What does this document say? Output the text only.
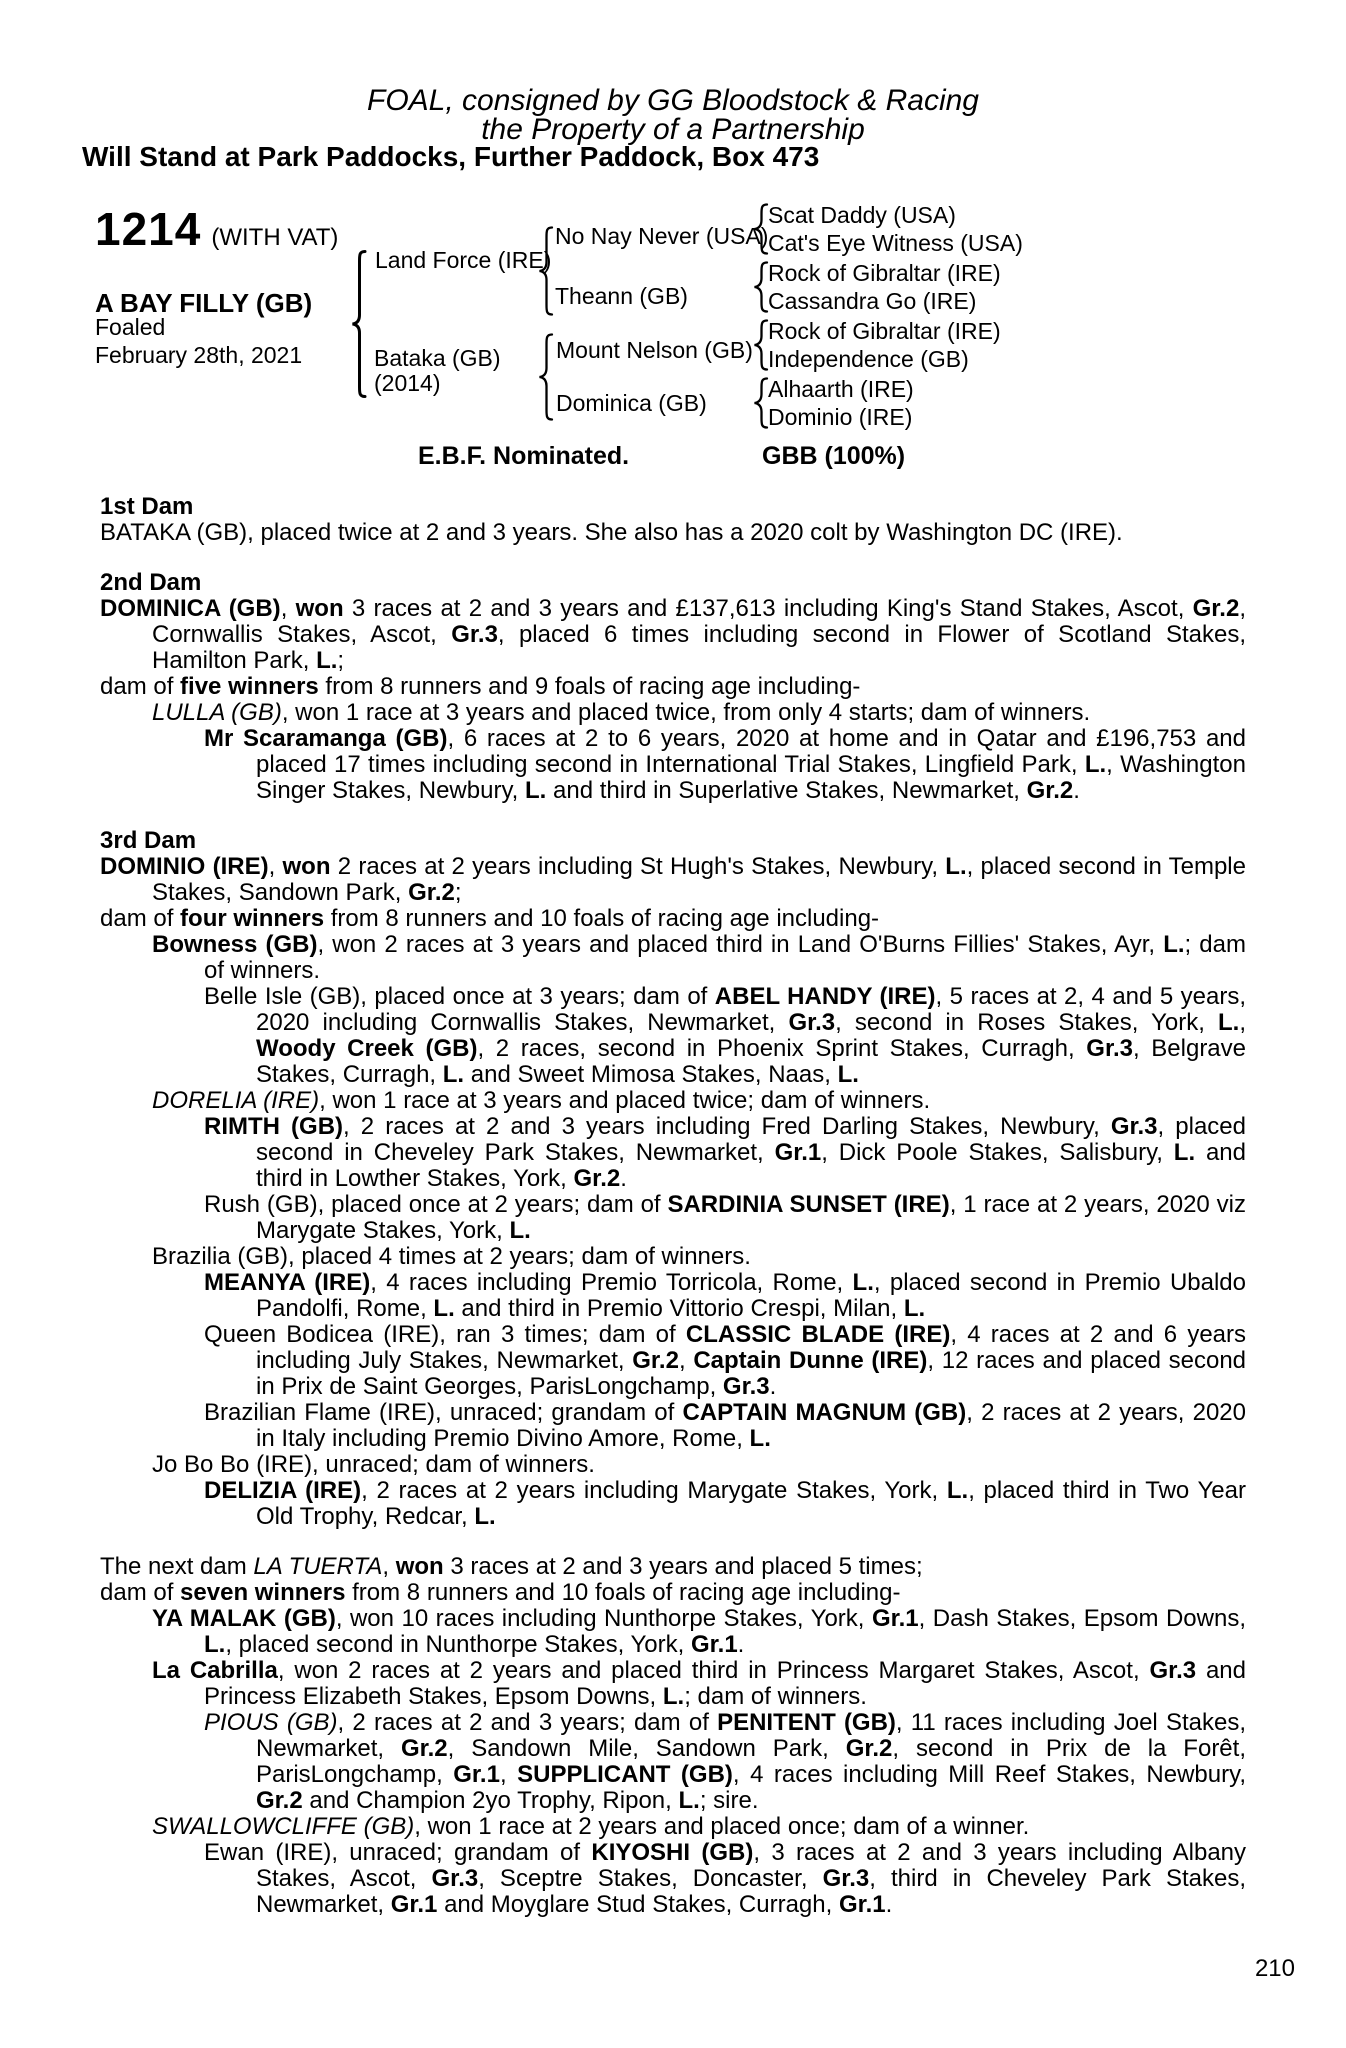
FOAL, consigned by GG Bloodstock & Racing
the Property of a Partnership
Will Stand at Park Paddocks, Further Paddock, Box 473
1214 (WITH VAT)
A BAY FILLY (GB)
Foaled
February 28th, 2021
Land Force (IRE)
Bataka (GB)
(2014)
No Nay Never (USA)
Theann (GB)
Mount Nelson (GB)
Dominica (GB)
Scat Daddy (USA)
Cat's Eye Witness (USA)
Rock of Gibraltar (IRE)
Cassandra Go (IRE)
Rock of Gibraltar (IRE)
Independence (GB)
Alhaarth (IRE)
Dominio (IRE)
E.B.F. Nominated.	GBB (100%)
1st Dam

BATAKA (GB), placed twice at 2 and 3 years. She also has a 2020 colt by Washington DC (IRE).

2nd Dam

DOMINICA (GB), won 3 races at 2 and 3 years and £137,613 including King's Stand Stakes, Ascot, Gr.2, Cornwallis Stakes, Ascot, Gr.3, placed 6 times including second in Flower of Scotland Stakes, Hamilton Park, L.;

dam of five winners from 8 runners and 9 foals of racing age including-

LULLA (GB), won 1 race at 3 years and placed twice, from only 4 starts; dam of winners.

Mr Scaramanga (GB), 6 races at 2 to 6 years, 2020 at home and in Qatar and £196,753 and placed 17 times including second in International Trial Stakes, Lingfield Park, L., Washington Singer Stakes, Newbury, L. and third in Superlative Stakes, Newmarket, Gr.2.

3rd Dam

DOMINIO (IRE), won 2 races at 2 years including St Hugh's Stakes, Newbury, L., placed second in Temple Stakes, Sandown Park, Gr.2;

dam of four winners from 8 runners and 10 foals of racing age including-

Bowness (GB), won 2 races at 3 years and placed third in Land O'Burns Fillies' Stakes, Ayr, L.; dam of winners.

Belle Isle (GB), placed once at 3 years; dam of ABEL HANDY (IRE), 5 races at 2, 4 and 5 years, 2020 including Cornwallis Stakes, Newmarket, Gr.3, second in Roses Stakes, York, L., Woody Creek (GB), 2 races, second in Phoenix Sprint Stakes, Curragh, Gr.3, Belgrave Stakes, Curragh, L. and Sweet Mimosa Stakes, Naas, L.

DORELIA (IRE), won 1 race at 3 years and placed twice; dam of winners.

RIMTH (GB), 2 races at 2 and 3 years including Fred Darling Stakes, Newbury, Gr.3, placed second in Cheveley Park Stakes, Newmarket, Gr.1, Dick Poole Stakes, Salisbury, L. and third in Lowther Stakes, York, Gr.2.

Rush (GB), placed once at 2 years; dam of SARDINIA SUNSET (IRE), 1 race at 2 years, 2020 viz Marygate Stakes, York, L.

Brazilia (GB), placed 4 times at 2 years; dam of winners.

MEANYA (IRE), 4 races including Premio Torricola, Rome, L., placed second in Premio Ubaldo Pandolfi, Rome, L. and third in Premio Vittorio Crespi, Milan, L.

Queen Bodicea (IRE), ran 3 times; dam of CLASSIC BLADE (IRE), 4 races at 2 and 6 years including July Stakes, Newmarket, Gr.2, Captain Dunne (IRE), 12 races and placed second in Prix de Saint Georges, ParisLongchamp, Gr.3.

Brazilian Flame (IRE), unraced; grandam of CAPTAIN MAGNUM (GB), 2 races at 2 years, 2020 in Italy including Premio Divino Amore, Rome, L.

Jo Bo Bo (IRE), unraced; dam of winners.

DELIZIA (IRE), 2 races at 2 years including Marygate Stakes, York, L., placed third in Two Year Old Trophy, Redcar, L.

The next dam LA TUERTA, won 3 races at 2 and 3 years and placed 5 times;

dam of seven winners from 8 runners and 10 foals of racing age including-

YA MALAK (GB), won 10 races including Nunthorpe Stakes, York, Gr.1, Dash Stakes, Epsom Downs, L., placed second in Nunthorpe Stakes, York, Gr.1.

La Cabrilla, won 2 races at 2 years and placed third in Princess Margaret Stakes, Ascot, Gr.3 and Princess Elizabeth Stakes, Epsom Downs, L.; dam of winners.

PIOUS (GB), 2 races at 2 and 3 years; dam of PENITENT (GB), 11 races including Joel Stakes, Newmarket, Gr.2, Sandown Mile, Sandown Park, Gr.2, second in Prix de la Forêt, ParisLongchamp, Gr.1, SUPPLICANT (GB), 4 races including Mill Reef Stakes, Newbury, Gr.2 and Champion 2yo Trophy, Ripon, L.; sire.

SWALLOWCLIFFE (GB), won 1 race at 2 years and placed once; dam of a winner.

Ewan (IRE), unraced; grandam of KIYOSHI (GB), 3 races at 2 and 3 years including Albany Stakes, Ascot, Gr.3, Sceptre Stakes, Doncaster, Gr.3, third in Cheveley Park Stakes, Newmarket, Gr.1 and Moyglare Stud Stakes, Curragh, Gr.1.

210
